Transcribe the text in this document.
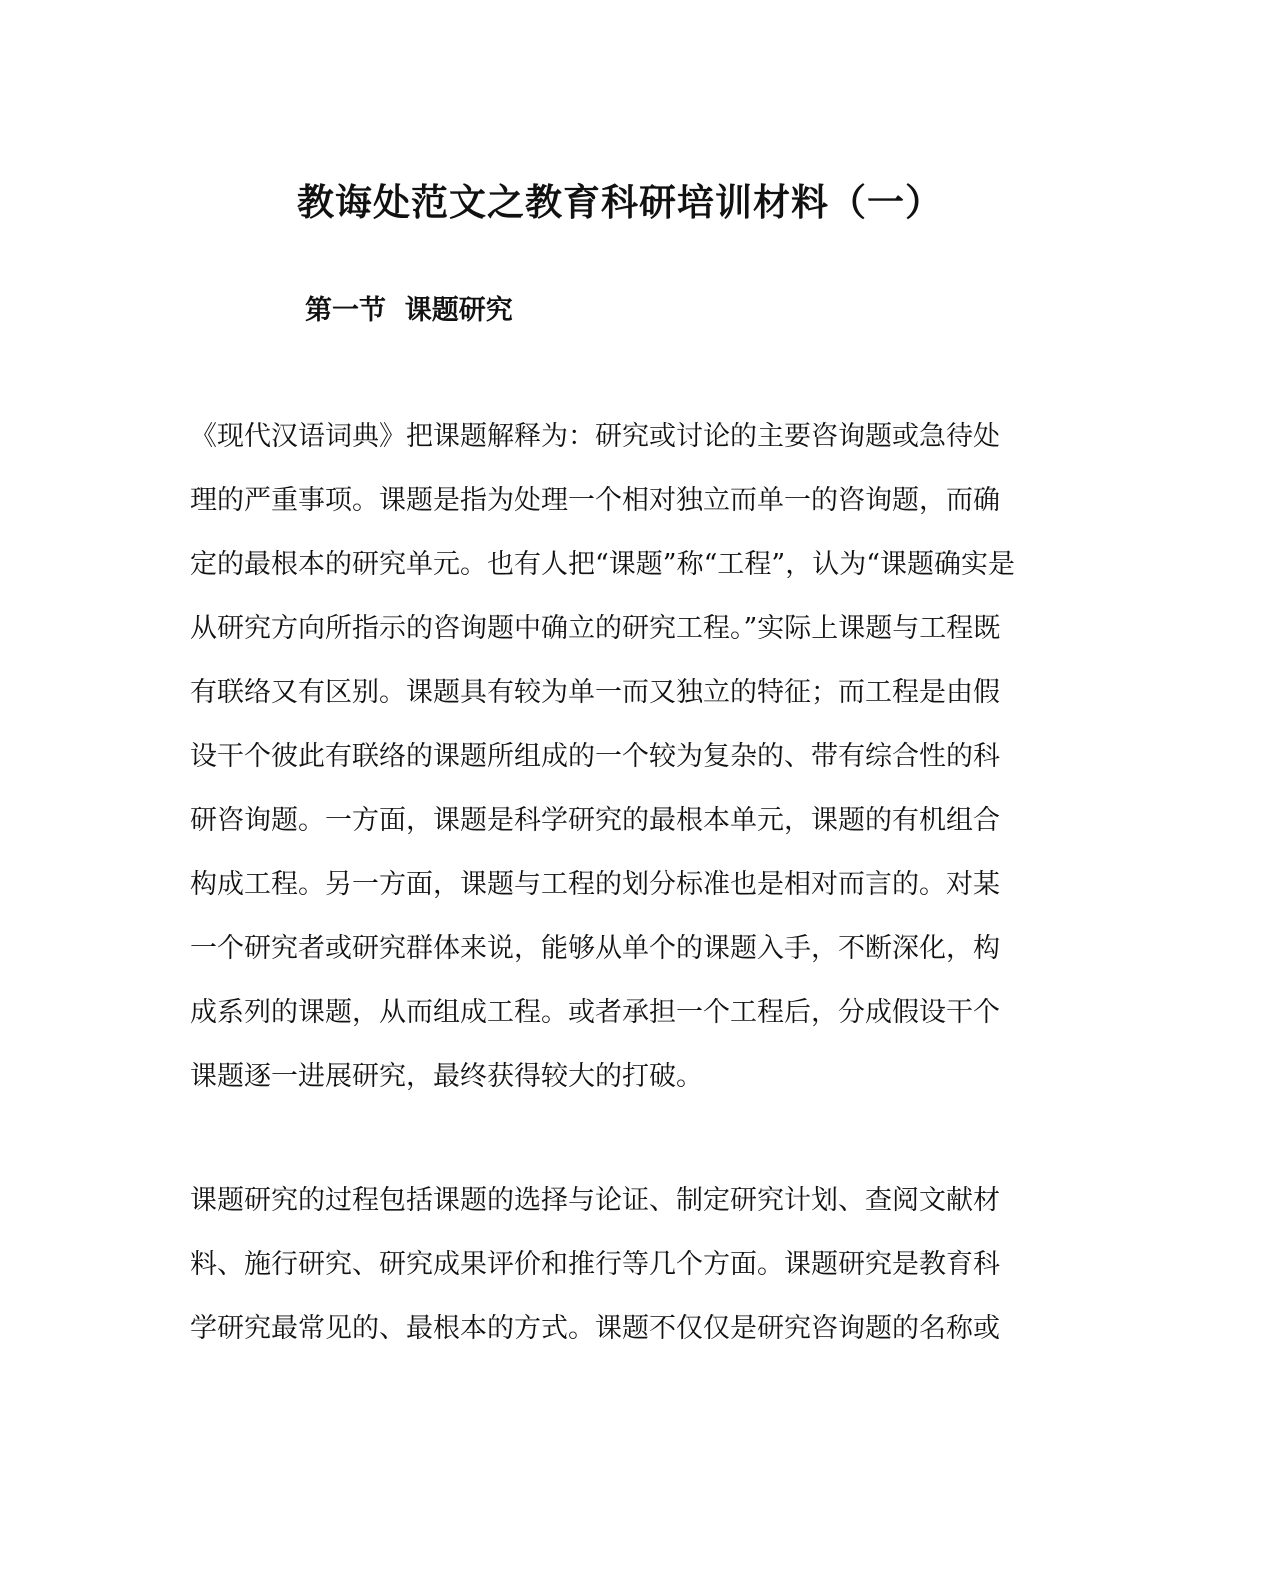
教诲处范文之教育科研培训材料（一）
第一节  课题研究
《现代汉语词典》把课题解释为：研究或讨论的主要咨询题或急待处
理的严重事项。课题是指为处理一个相对独立而单一的咨询题，而确
定的最根本的研究单元。也有人把“课题”称“工程”，认为“课题确实是
从研究方向所指示的咨询题中确立的研究工程。”实际上课题与工程既
有联络又有区别。课题具有较为单一而又独立的特征；而工程是由假
设干个彼此有联络的课题所组成的一个较为复杂的、带有综合性的科
研咨询题。一方面，课题是科学研究的最根本单元，课题的有机组合
构成工程。另一方面，课题与工程的划分标准也是相对而言的。对某
一个研究者或研究群体来说，能够从单个的课题入手，不断深化，构
成系列的课题，从而组成工程。或者承担一个工程后，分成假设干个
课题逐一进展研究，最终获得较大的打破。
课题研究的过程包括课题的选择与论证、制定研究计划、查阅文献材
料、施行研究、研究成果评价和推行等几个方面。课题研究是教育科
学研究最常见的、最根本的方式。课题不仅仅是研究咨询题的名称或
